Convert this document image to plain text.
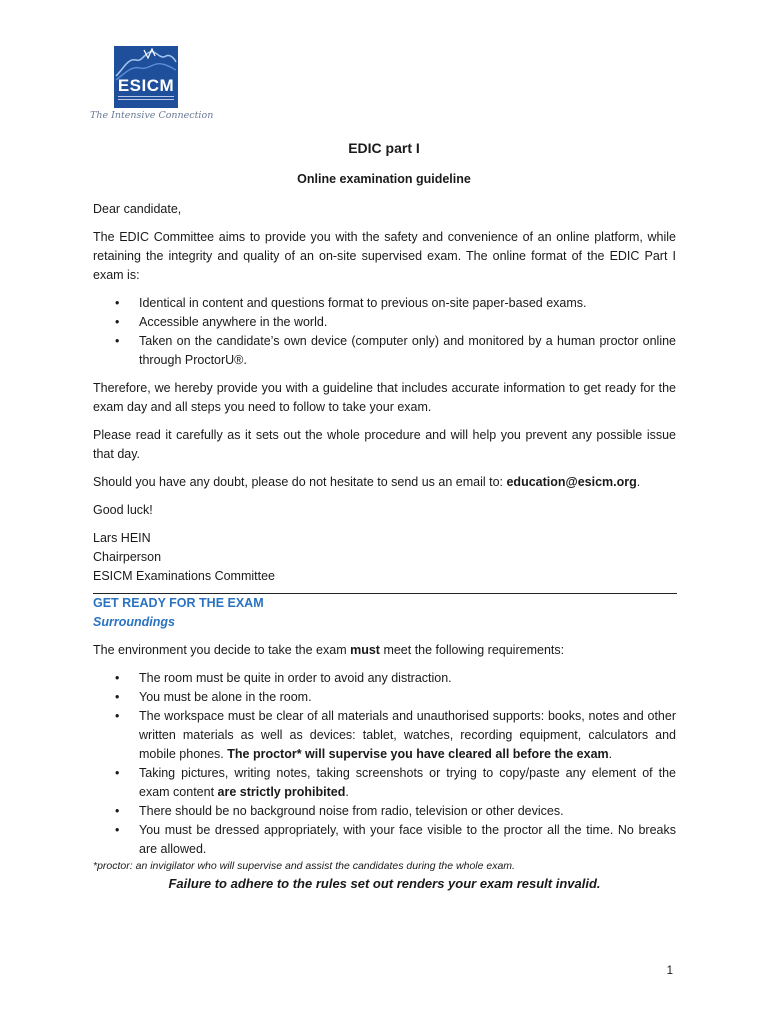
ESICM
The Intensive Connection
EDIC part I
Online examination guideline

Dear candidate,

The EDIC Committee aims to provide you with the safety and convenience of an online platform, while retaining the integrity and quality of an on-site supervised exam. The online format of the EDIC Part I exam is:

• Identical in content and questions format to previous on-site paper-based exams.
• Accessible anywhere in the world.
• Taken on the candidate’s own device (computer only) and monitored by a human proctor online through ProctorU®.

Therefore, we hereby provide you with a guideline that includes accurate information to get ready for the exam day and all steps you need to follow to take your exam.

Please read it carefully as it sets out the whole procedure and will help you prevent any possible issue that day.

Should you have any doubt, please do not hesitate to send us an email to: education@esicm.org.

Good luck!

Lars HEIN

Chairperson

ESICM Examinations Committee

GET READY FOR THE EXAM

Surroundings

The environment you decide to take the exam must meet the following requirements:

• The room must be quite in order to avoid any distraction.
• You must be alone in the room.
• The workspace must be clear of all materials and unauthorised supports: books, notes and other written materials as well as devices: tablet, watches, recording equipment, calculators and mobile phones. The proctor* will supervise you have cleared all before the exam.
• Taking pictures, writing notes, taking screenshots or trying to copy/paste any element of the exam content are strictly prohibited.
• There should be no background noise from radio, television or other devices.
• You must be dressed appropriately, with your face visible to the proctor all the time. No breaks are allowed.

*proctor: an invigilator who will supervise and assist the candidates during the whole exam.

Failure to adhere to the rules set out renders your exam result invalid.

1
